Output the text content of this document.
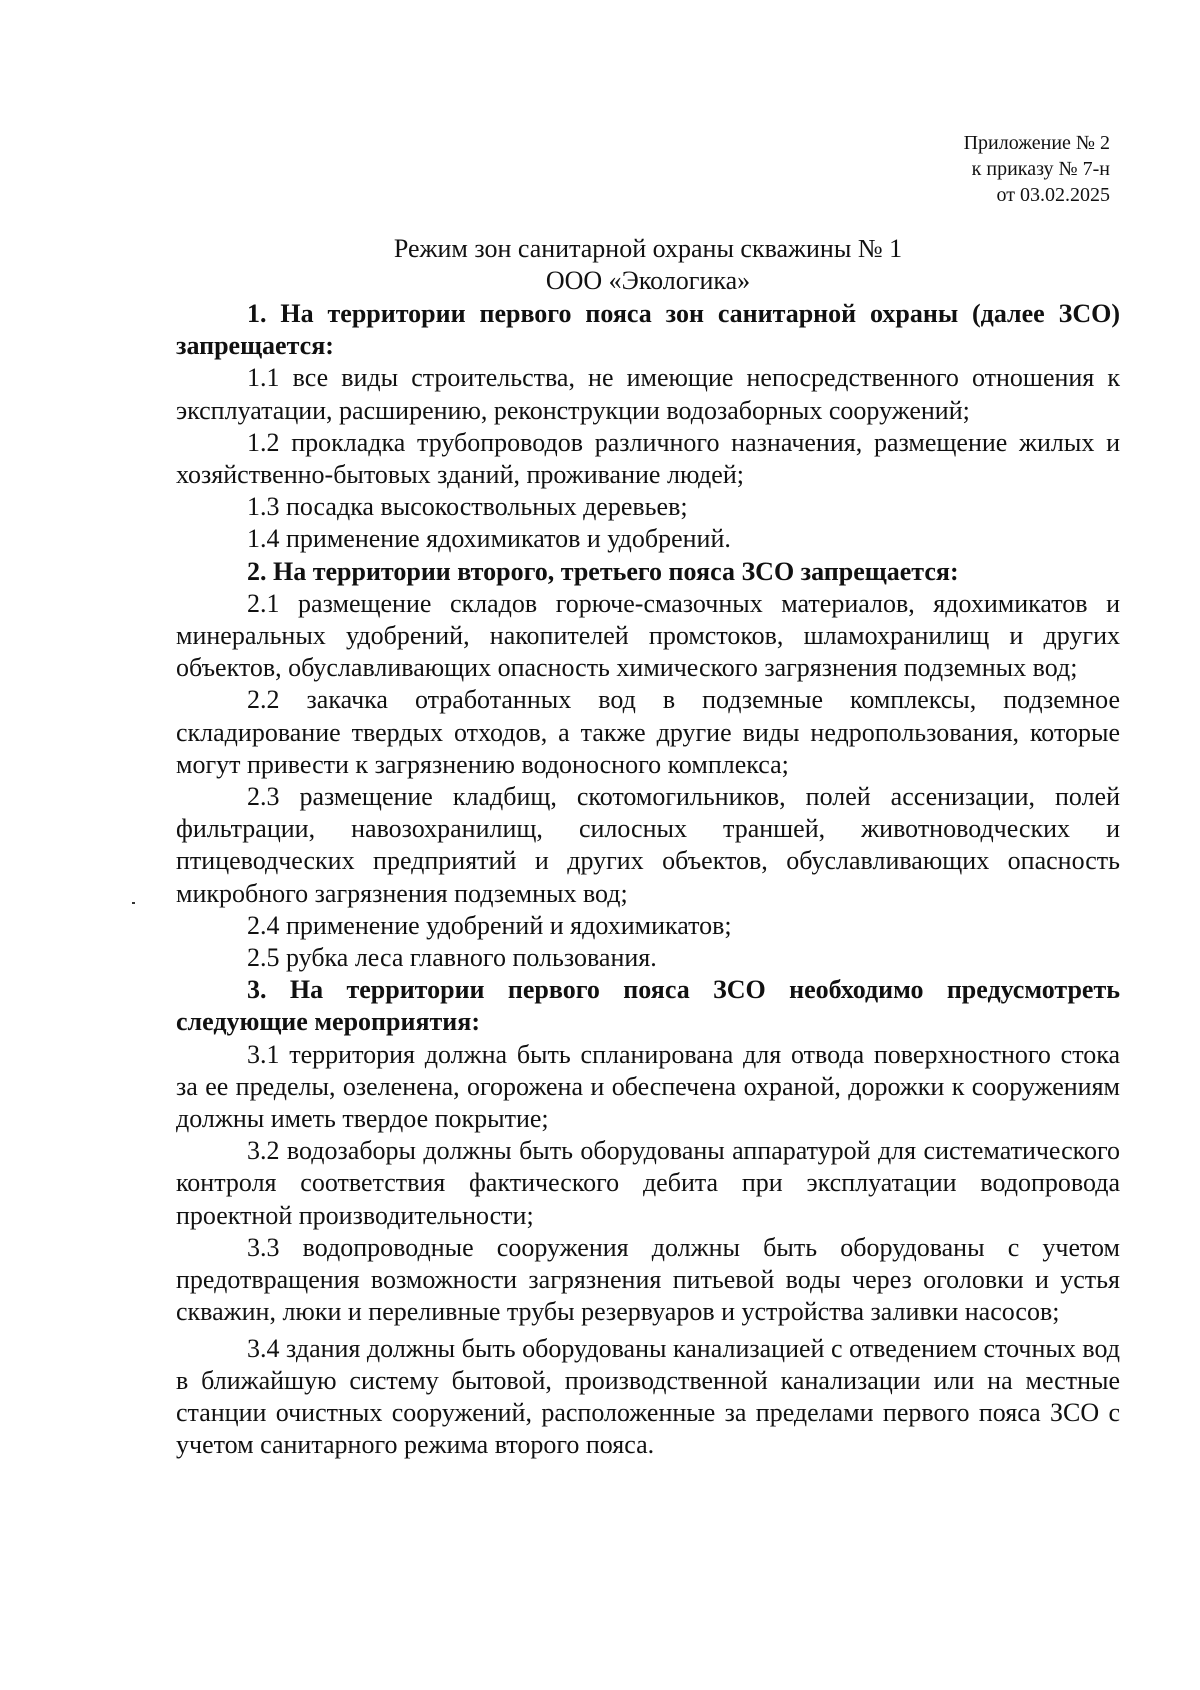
Приложение № 2
к приказу № 7-н
от 03.02.2025
Режим зон санитарной охраны скважины № 1
ООО «Экологика»

1. На территории первого пояса зон санитарной охраны (далее ЗСО) запрещается:

1.1 все виды строительства, не имеющие непосредственного отношения к эксплуатации, расширению, реконструкции водозаборных сооружений;

1.2 прокладка трубопроводов различного назначения, размещение жилых и хозяйственно-бытовых зданий, проживание людей;

1.3 посадка высокоствольных деревьев;

1.4 применение ядохимикатов и удобрений.

2. На территории второго, третьего пояса ЗСО запрещается:

2.1 размещение складов горюче-смазочных материалов, ядохимикатов и минеральных удобрений, накопителей промстоков, шламохранилищ и других объектов, обуславливающих опасность химического загрязнения подземных вод;

2.2 закачка отработанных вод в подземные комплексы, подземное складирование твердых отходов, а также другие виды недропользования, которые могут привести к загрязнению водоносного комплекса;

2.3 размещение кладбищ, скотомогильников, полей ассенизации, полей фильтрации, навозохранилищ, силосных траншей, животноводческих и птицеводческих предприятий и других объектов, обуславливающих опасность микробного загрязнения подземных вод;

2.4 применение удобрений и ядохимикатов;

2.5 рубка леса главного пользования.

3. На территории первого пояса ЗСО необходимо предусмотреть следующие мероприятия:

3.1 территория должна быть спланирована для отвода поверхностного стока за ее пределы, озеленена, огорожена и обеспечена охраной, дорожки к сооружениям должны иметь твердое покрытие;

3.2 водозаборы должны быть оборудованы аппаратурой для систематического контроля соответствия фактического дебита при эксплуатации водопровода проектной производительности;

3.3 водопроводные сооружения должны быть оборудованы с учетом предотвращения возможности загрязнения питьевой воды через оголовки и устья скважин, люки и переливные трубы резервуаров и устройства заливки насосов;

3.4 здания должны быть оборудованы канализацией с отведением сточных вод в ближайшую систему бытовой, производственной канализации или на местные станции очистных сооружений, расположенные за пределами первого пояса ЗСО с учетом санитарного режима второго пояса.
